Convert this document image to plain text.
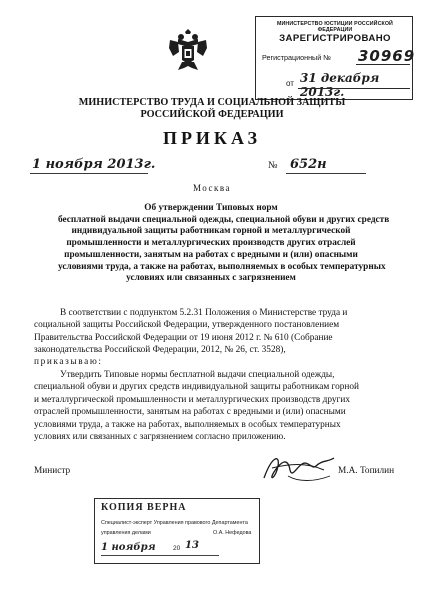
МИНИСТЕРСТВО ЮСТИЦИИ РОССИЙСКОЙ ФЕДЕРАЦИИ
ЗАРЕГИСТРИРОВАНО
Регистрационный № 30969
от 31 декабря 2013г.
МИНИСТЕРСТВО ТРУДА И СОЦИАЛЬНОЙ ЗАЩИТЫ
РОССИЙСКОЙ ФЕДЕРАЦИИ
ПРИКАЗ
1 ноября 2013г.	№ 652н
Москва
Об утверждении Типовых норм
бесплатной выдачи специальной одежды, специальной обуви и других средств
индивидуальной защиты работникам горной и металлургической
промышленности и металлургических производств других отраслей
промышленности, занятым на работах с вредными и (или) опасными
условиями труда, а также на работах, выполняемых в особых температурных
условиях или связанных с загрязнением
В соответствии с подпунктом 5.2.31 Положения о Министерстве труда и
социальной защиты Российской Федерации, утвержденного постановлением
Правительства Российской Федерации от 19 июня 2012 г. № 610 (Собрание
законодательства Российской Федерации, 2012, № 26, ст. 3528),
приказываю:
Утвердить Типовые нормы бесплатной выдачи специальной одежды,
специальной обуви и других средств индивидуальной защиты работникам горной
и металлургической промышленности и металлургических производств других
отраслей промышленности, занятым на работах с вредными и (или) опасными
условиями труда, а также на работах, выполняемых в особых температурных
условиях или связанных с загрязнением согласно приложению.
Министр	М.А. Топилин
КОПИЯ ВЕРНА
Специалист-эксперт Управления правового Департамента
управления делами	О.А. Нефедова
1 ноября	20 13
